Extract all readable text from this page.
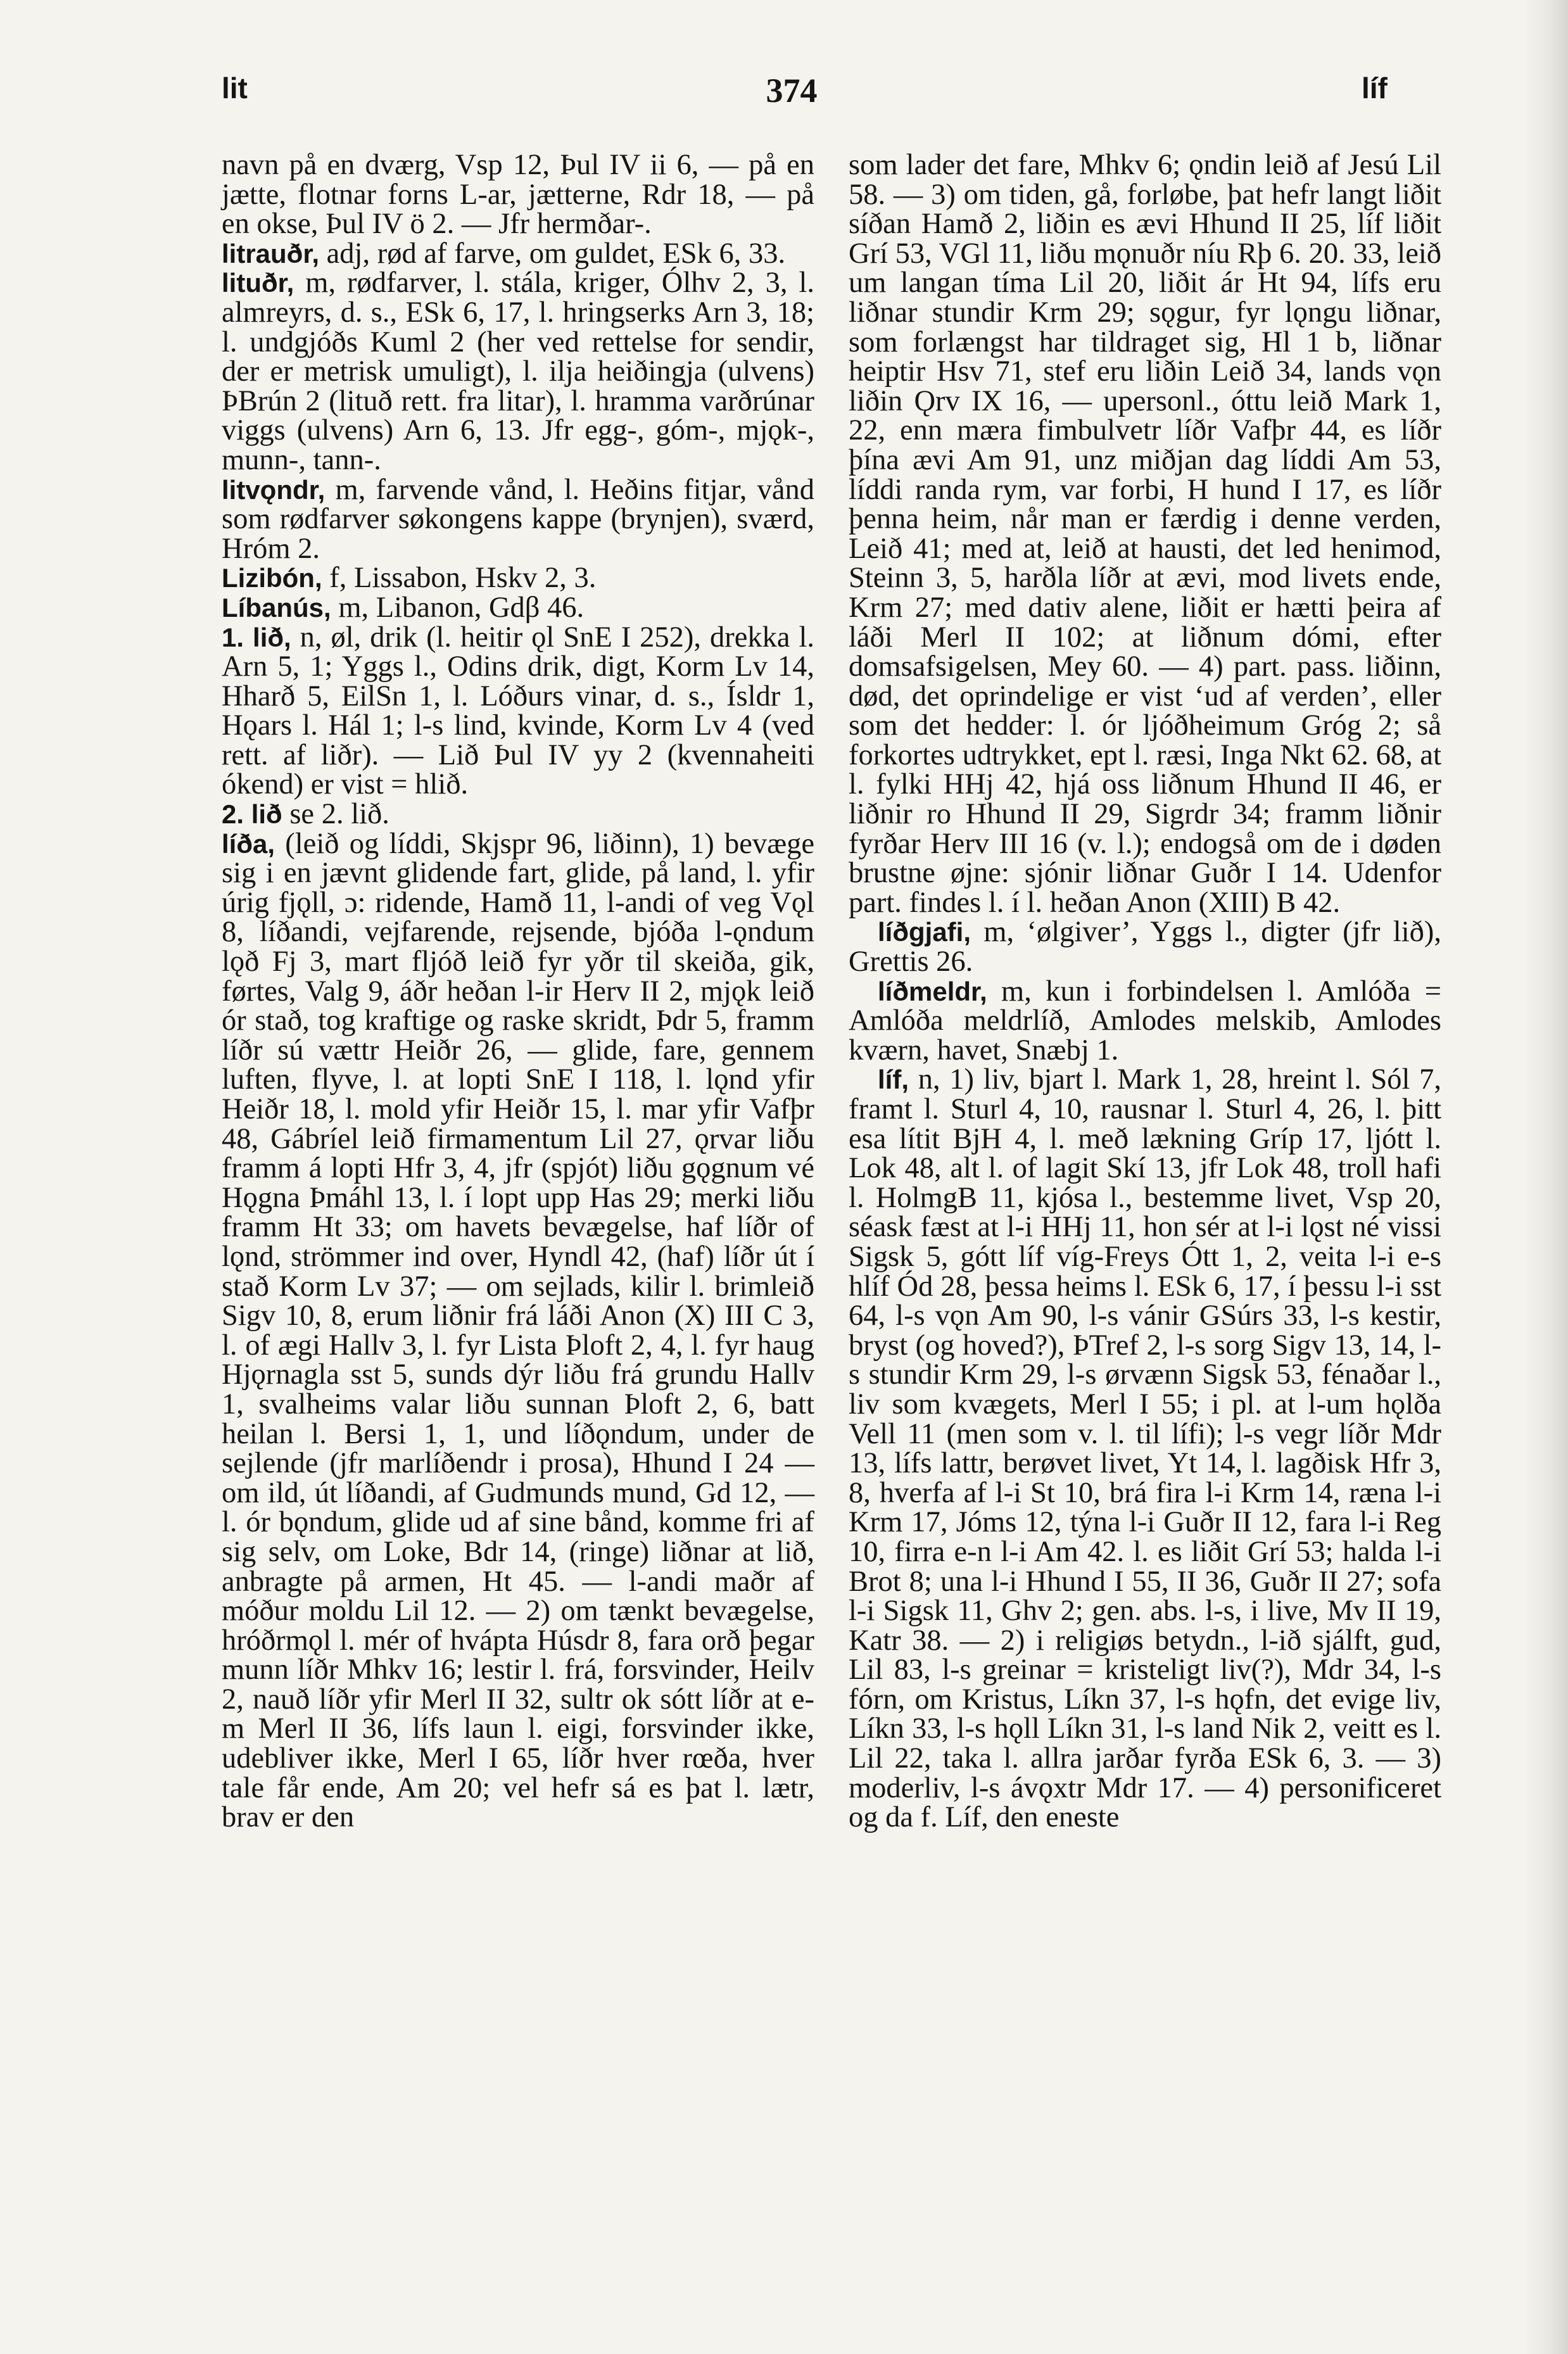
lit	374	líf

navn på en dværg, Vsp 12, Þul IV ii 6, — på en jætte, flotnar forns L-ar, jætterne, Rdr 18, — på en okse, Þul IV ö 2. — Jfr hermðar-.

litrauðr, adj, rød af farve, om guldet, ESk 6, 33.

lituðr, m, rødfarver, l. stála, kriger, Ólhv 2, 3, l. almreyrs, d. s., ESk 6, 17, l. hringserks Arn 3, 18; l. undgjóðs Kuml 2 (her ved rettelse for sendir, der er metrisk umuligt), l. ilja heiðingja (ulvens) ÞBrún 2 (lituð rett. fra litar), l. hramma varðrúnar viggs (ulvens) Arn 6, 13. Jfr egg-, góm-, mjǫk-, munn-, tann-.

litvǫndr, m, farvende vånd, l. Heðins fitjar, vånd som rødfarver søkongens kappe (brynjen), sværd, Hróm 2.

Lizibón, f, Lissabon, Hskv 2, 3.

Líbanús, m, Libanon, Gdβ 46.

1. lið, n, øl, drik (l. heitir ǫl SnE I 252), drekka l. Arn 5, 1; Yggs l., Odins drik, digt, Korm Lv 14, Hharð 5, EilSn 1, l. Lóðurs vinar, d. s., Ísldr 1, Hǫars l. Hál 1; l-s lind, kvinde, Korm Lv 4 (ved rett. af liðr). — Lið Þul IV yy 2 (kvennaheiti ókend) er vist = hlið.

2. lið se 2. lið.

líða, (leið og líddi, Skjspr 96, liðinn), 1) bevæge sig i en jævnt glidende fart, glide, på land, l. yfir úrig fjǫll, ɔ: ridende, Hamð 11, l-andi of veg Vǫl 8, líðandi, vejfarende, rejsende, bjóða l-ǫndum lǫð Fj 3, mart fljóð leið fyr yðr til skeiða, gik, førtes, Valg 9, áðr heðan l-ir Herv II 2, mjǫk leið ór stað, tog kraftige og raske skridt, Þdr 5, framm líðr sú vættr Heiðr 26, — glide, fare, gennem luften, flyve, l. at lopti SnE I 118, l. lǫnd yfir Heiðr 18, l. mold yfir Heiðr 15, l. mar yfir Vafþr 48, Gábríel leið firmamentum Lil 27, ǫrvar liðu framm á lopti Hfr 3, 4, jfr (spjót) liðu gǫgnum vé Hǫgna Þmáhl 13, l. í lopt upp Has 29; merki liðu framm Ht 33; om havets bevægelse, haf líðr of lǫnd, strömmer ind over, Hyndl 42, (haf) líðr út í stað Korm Lv 37; — om sejlads, kilir l. brimleið Sigv 10, 8, erum liðnir frá láði Anon (X) III C 3, l. of ægi Hallv 3, l. fyr Lista Þloft 2, 4, l. fyr haug Hjǫrnagla sst 5, sunds dýr liðu frá grundu Hallv 1, svalheims valar liðu sunnan Þloft 2, 6, batt heilan l. Bersi 1, 1, und líðǫndum, under de sejlende (jfr marlíðendr i prosa), Hhund I 24 — om ild, út líðandi, af Gudmunds mund, Gd 12, — l. ór bǫndum, glide ud af sine bånd, komme fri af sig selv, om Loke, Bdr 14, (ringe) liðnar at lið, anbragte på armen, Ht 45. — l-andi maðr af móður moldu Lil 12. — 2) om tænkt bevægelse, hróðrmǫl l. mér of hvápta Húsdr 8, fara orð þegar munn líðr Mhkv 16; lestir l. frá, forsvinder, Heilv 2, nauð líðr yfir Merl II 32, sultr ok sótt líðr at e-m Merl II 36, lífs laun l. eigi, forsvinder ikke, udebliver ikke, Merl I 65, líðr hver rœða, hver tale får ende, Am 20; vel hefr sá es þat l. lætr, brav er den

som lader det fare, Mhkv 6; ǫndin leið af Jesú Lil 58. — 3) om tiden, gå, forløbe, þat hefr langt liðit síðan Hamð 2, liðin es ævi Hhund II 25, líf liðit Grí 53, VGl 11, liðu mǫnuðr níu Rþ 6. 20. 33, leið um langan tíma Lil 20, liðit ár Ht 94, lífs eru liðnar stundir Krm 29; sǫgur, fyr lǫngu liðnar, som forlængst har tildraget sig, Hl 1 b, liðnar heiptir Hsv 71, stef eru liðin Leið 34, lands vǫn liðin Ǫrv IX 16, — upersonl., óttu leið Mark 1, 22, enn mæra fimbulvetr líðr Vafþr 44, es líðr þína ævi Am 91, unz miðjan dag líddi Am 53, líddi randa rym, var forbi, H hund I 17, es líðr þenna heim, når man er færdig i denne verden, Leið 41; med at, leið at hausti, det led henimod, Steinn 3, 5, harðla líðr at ævi, mod livets ende, Krm 27; med dativ alene, liðit er hætti þeira af láði Merl II 102; at liðnum dómi, efter domsafsigelsen, Mey 60. — 4) part. pass. liðinn, død, det oprindelige er vist ‘ud af verden’, eller som det hedder: l. ór ljóðheimum Gróg 2; så forkortes udtrykket, ept l. ræsi, Inga Nkt 62. 68, at l. fylki HHj 42, hjá oss liðnum Hhund II 46, er liðnir ro Hhund II 29, Sigrdr 34; framm liðnir fyrðar Herv III 16 (v. l.); endogså om de i døden brustne øjne: sjónir liðnar Guðr I 14. Udenfor part. findes l. í l. heðan Anon (XIII) B 42.

líðgjafi, m, ‘ølgiver’, Yggs l., digter (jfr lið), Grettis 26.

líðmeldr, m, kun i forbindelsen l. Amlóða = Amlóða meldrlíð, Amlodes melskib, Amlodes kværn, havet, Snæbj 1.

líf, n, 1) liv, bjart l. Mark 1, 28, hreint l. Sól 7, framt l. Sturl 4, 10, rausnar l. Sturl 4, 26, l. þitt esa lítit BjH 4, l. með lækning Gríp 17, ljótt l. Lok 48, alt l. of lagit Skí 13, jfr Lok 48, troll hafi l. HolmgB 11, kjósa l., bestemme livet, Vsp 20, séask fæst at l-i HHj 11, hon sér at l-i lǫst né vissi Sigsk 5, gótt líf víg-Freys Ótt 1, 2, veita l-i e-s hlíf Ód 28, þessa heims l. ESk 6, 17, í þessu l-i sst 64, l-s vǫn Am 90, l-s vánir GSúrs 33, l-s kestir, bryst (og hoved?), ÞTref 2, l-s sorg Sigv 13, 14, l-s stundir Krm 29, l-s ørvænn Sigsk 53, fénaðar l., liv som kvægets, Merl I 55; i pl. at l-um hǫlða Vell 11 (men som v. l. til lífi); l-s vegr líðr Mdr 13, lífs lattr, berøvet livet, Yt 14, l. lagðisk Hfr 3, 8, hverfa af l-i St 10, brá fira l-i Krm 14, ræna l-i Krm 17, Jóms 12, týna l-i Guðr II 12, fara l-i Reg 10, firra e-n l-i Am 42. l. es liðit Grí 53; halda l-i Brot 8; una l-i Hhund I 55, II 36, Guðr II 27; sofa l-i Sigsk 11, Ghv 2; gen. abs. l-s, i live, Mv II 19, Katr 38. — 2) i religiøs betydn., l-ið sjálft, gud, Lil 83, l-s greinar = kristeligt liv(?), Mdr 34, l-s fórn, om Kristus, Líkn 37, l-s hǫfn, det evige liv, Líkn 33, l-s hǫll Líkn 31, l-s land Nik 2, veitt es l. Lil 22, taka l. allra jarðar fyrða ESk 6, 3. — 3) moderliv, l-s ávǫxtr Mdr 17. — 4) personificeret og da f. Líf, den eneste
